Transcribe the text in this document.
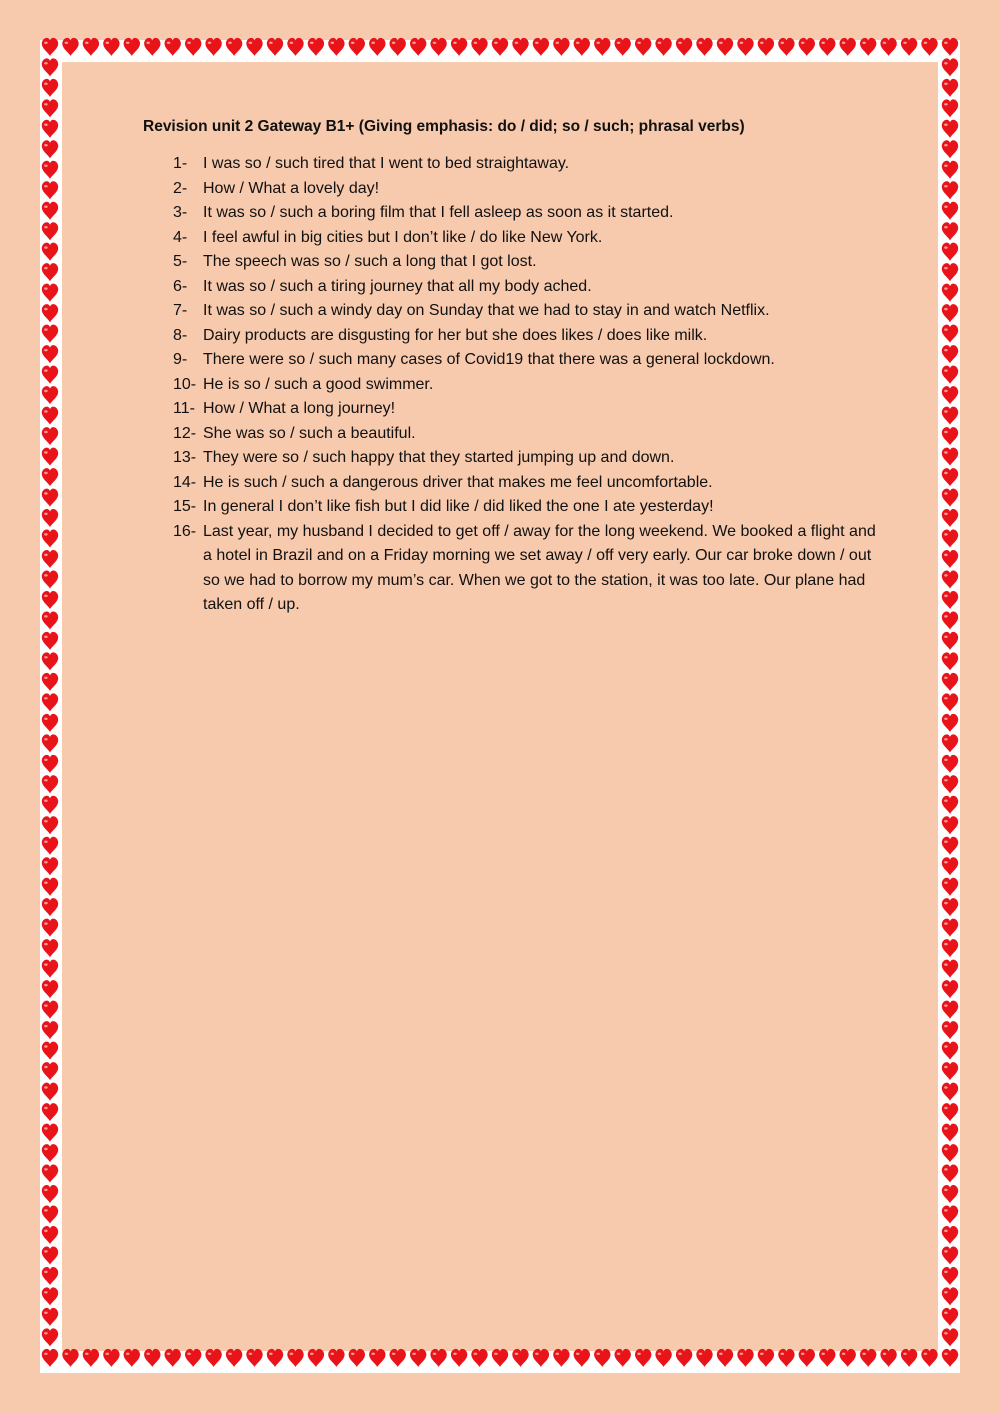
Revision unit 2 Gateway B1+ (Giving emphasis: do / did; so / such; phrasal verbs)
1- I was so / such tired that I went to bed straightaway.
2- How / What a lovely day!
3- It was so / such a boring film that I fell asleep as soon as it started.
4- I feel awful in big cities but I don’t like / do like New York.
5- The speech was so / such a long that I got lost.
6- It was so / such a tiring journey that all my body ached.
7- It was so / such a windy day on Sunday that we had to stay in and watch Netflix.
8- Dairy products are disgusting for her but she does likes / does like milk.
9- There were so / such many cases of Covid19 that there was a general lockdown.
10- He is so / such a good swimmer.
11- How / What a long journey!
12- She was so / such a beautiful.
13- They were so / such happy that they started jumping up and down.
14- He is such / such a dangerous driver that makes me feel uncomfortable.
15- In general I don’t like fish but I did like / did liked the one I ate yesterday!
16- Last year, my husband I decided to get off / away for the long weekend. We booked a flight and a hotel in Brazil and on a Friday morning we set away / off very early. Our car broke down / out so we had to borrow my mum’s car. When we got to the station, it was too late. Our plane had taken off / up.
